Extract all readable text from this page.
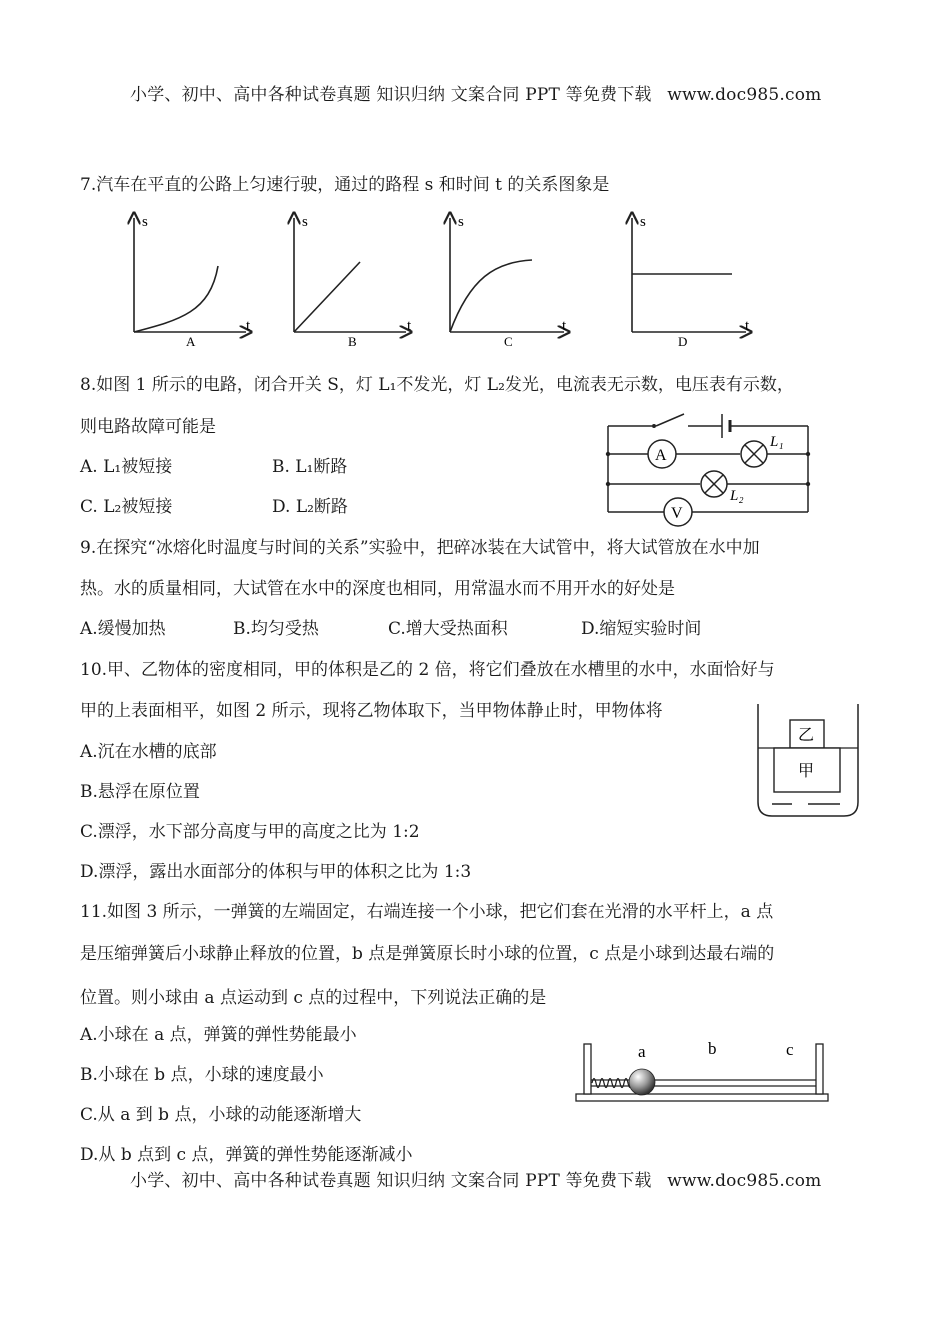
小学、初中、高中各种试卷真题 知识归纳 文案合同 PPT 等免费下载 www.doc985.com
7.汽车在平直的公路上匀速行驶，通过的路程 s 和时间 t 的关系图象是
s
t
A
s
t
B
s
t
C
s
t
D
8.如图 1 所示的电路，闭合开关 S，灯 L₁不发光，灯 L₂发光，电流表无示数，电压表有示数，
则电路故障可能是
A. L₁被短接	B. L₁断路
C. L₂被短接	D. L₂断路
A
L₁
L₂
V
9.在探究“冰熔化时温度与时间的关系”实验中，把碎冰装在大试管中，将大试管放在水中加
热。水的质量相同，大试管在水中的深度也相同，用常温水而不用开水的好处是
A.缓慢加热	B.均匀受热	C.增大受热面积	D.缩短实验时间
10.甲、乙物体的密度相同，甲的体积是乙的 2 倍，将它们叠放在水槽里的水中，水面恰好与
甲的上表面相平，如图 2 所示，现将乙物体取下，当甲物体静止时，甲物体将
A.沉在水槽的底部
B.悬浮在原位置
C.漂浮，水下部分高度与甲的高度之比为 1:2
D.漂浮，露出水面部分的体积与甲的体积之比为 1:3
乙
甲
11.如图 3 所示，一弹簧的左端固定，右端连接一个小球，把它们套在光滑的水平杆上，a 点
是压缩弹簧后小球静止释放的位置，b 点是弹簧原长时小球的位置，c 点是小球到达最右端的
位置。则小球由 a 点运动到 c 点的过程中，下列说法正确的是
A.小球在 a 点，弹簧的弹性势能最小
B.小球在 b 点，小球的速度最小
C.从 a 到 b 点，小球的动能逐渐增大
D.从 b 点到 c 点，弹簧的弹性势能逐渐减小
a	b	c
小学、初中、高中各种试卷真题 知识归纳 文案合同 PPT 等免费下载 www.doc985.com
